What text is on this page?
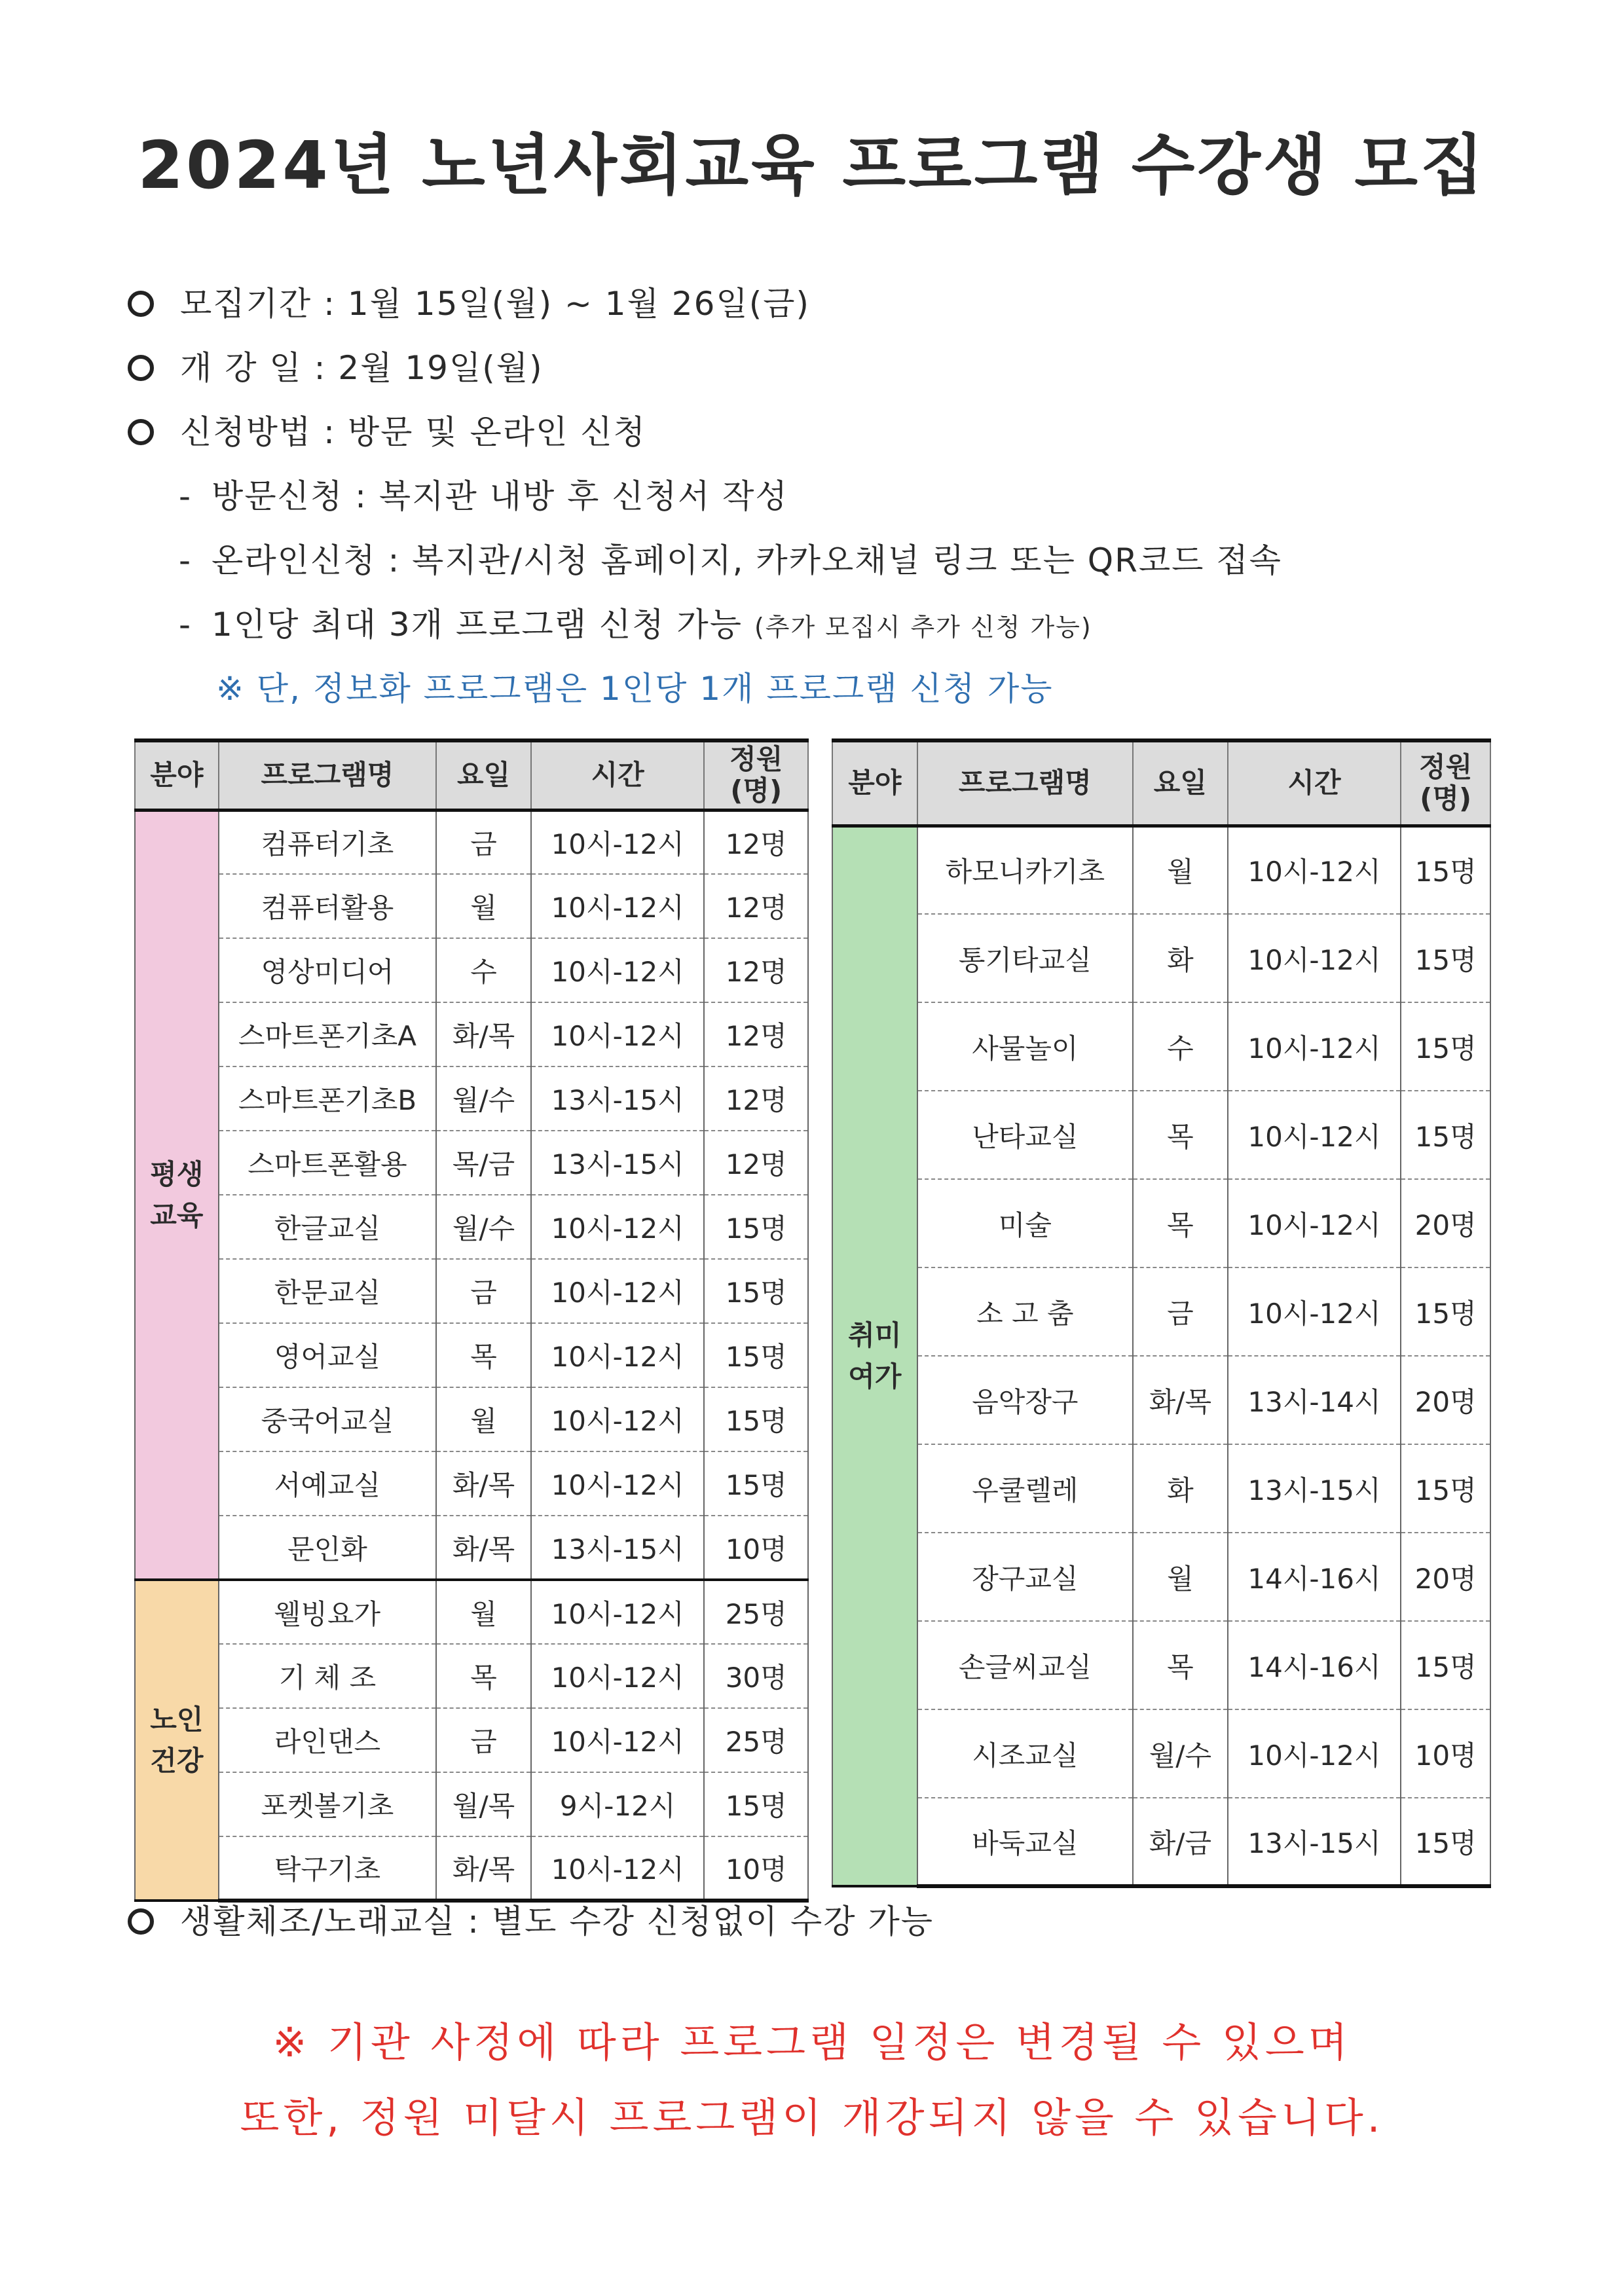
2024년 노년사회교육 프로그램 수강생 모집
모집기간 : 1월 15일(월) ~ 1월 26일(금)
개 강 일 : 2월 19일(월)
신청방법 : 방문 및 온라인 신청
- 방문신청 : 복지관 내방 후 신청서 작성
- 온라인신청 : 복지관/시청 홈페이지, 카카오채널 링크 또는 QR코드 접속
- 1인당 최대 3개 프로그램 신청 가능 (추가 모집시 추가 신청 가능)
※ 단, 정보화 프로그램은 1인당 1개 프로그램 신청 가능
분야	프로그램명	요일	시간	정원
(명)
평생
교육	컴퓨터기초	금	10시-12시	12명
	컴퓨터활용	월	10시-12시	12명
	영상미디어	수	10시-12시	12명
	스마트폰기초A	화/목	10시-12시	12명
	스마트폰기초B	월/수	13시-15시	12명
	스마트폰활용	목/금	13시-15시	12명
	한글교실	월/수	10시-12시	15명
	한문교실	금	10시-12시	15명
	영어교실	목	10시-12시	15명
	중국어교실	월	10시-12시	15명
	서예교실	화/목	10시-12시	15명
	문인화	화/목	13시-15시	10명
노인
건강	웰빙요가	월	10시-12시	25명
	기 체 조	목	10시-12시	30명
	라인댄스	금	10시-12시	25명
	포켓볼기초	월/목	9시-12시	15명
	탁구기초	화/목	10시-12시	10명
분야	프로그램명	요일	시간	정원
(명)
취미
여가	하모니카기초	월	10시-12시	15명
	통기타교실	화	10시-12시	15명
	사물놀이	수	10시-12시	15명
	난타교실	목	10시-12시	15명
	미술	목	10시-12시	20명
	소 고 춤	금	10시-12시	15명
	음악장구	화/목	13시-14시	20명
	우쿨렐레	화	13시-15시	15명
	장구교실	월	14시-16시	20명
	손글씨교실	목	14시-16시	15명
	시조교실	월/수	10시-12시	10명
	바둑교실	화/금	13시-15시	15명
생활체조/노래교실 : 별도 수강 신청없이 수강 가능
※ 기관 사정에 따라 프로그램 일정은 변경될 수 있으며
또한, 정원 미달시 프로그램이 개강되지 않을 수 있습니다.
